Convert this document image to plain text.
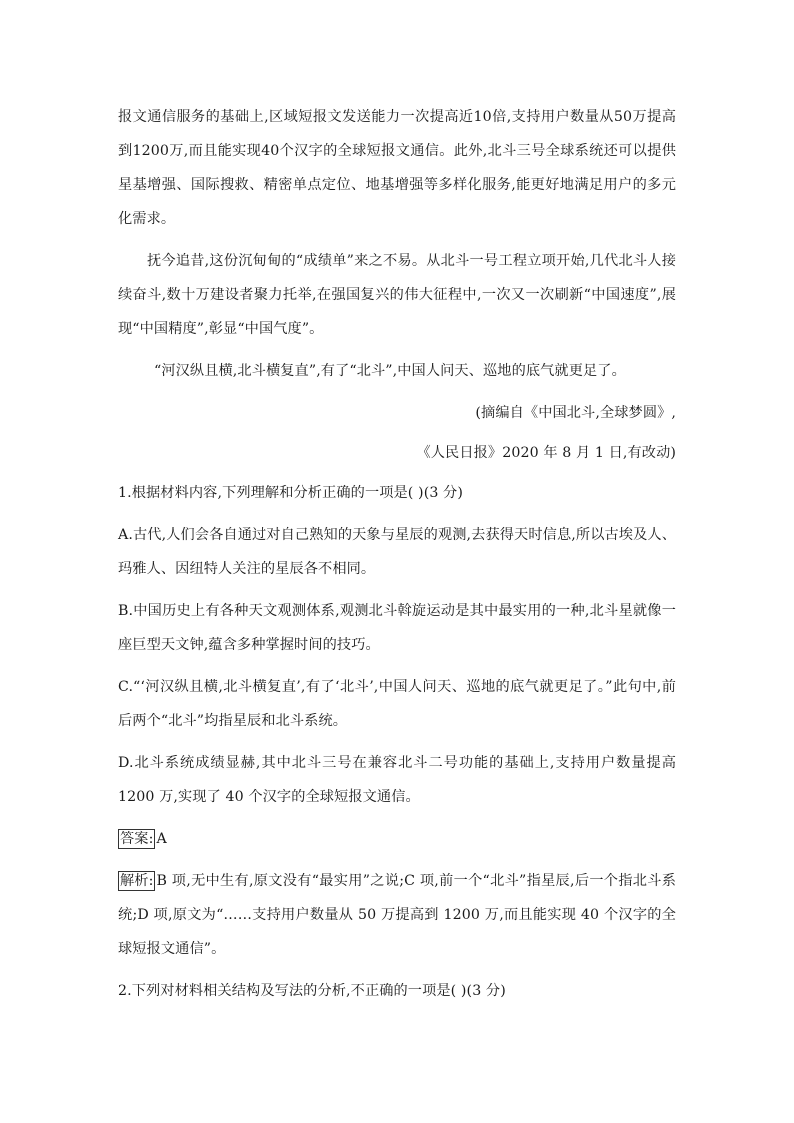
报文通信服务的基础上,区域短报文发送能力一次提高近10倍,支持用户数量从50万提高到1200万,而且能实现40个汉字的全球短报文通信。此外,北斗三号全球系统还可以提供星基增强、国际搜救、精密单点定位、地基增强等多样化服务,能更好地满足用户的多元化需求。

抚今追昔,这份沉甸甸的“成绩单”来之不易。从北斗一号工程立项开始,几代北斗人接续奋斗,数十万建设者聚力托举,在强国复兴的伟大征程中,一次又一次刷新“中国速度”,展现“中国精度”,彰显“中国气度”。

“河汉纵且横,北斗横复直”,有了“北斗”,中国人问天、巡地的底气就更足了。

(摘编自《中国北斗,全球梦圆》,

《人民日报》2020 年 8 月 1 日,有改动)

1.根据材料内容,下列理解和分析正确的一项是( )(3 分)

A.古代,人们会各自通过对自己熟知的天象与星辰的观测,去获得天时信息,所以古埃及人、玛雅人、因纽特人关注的星辰各不相同。

B.中国历史上有各种天文观测体系,观测北斗斡旋运动是其中最实用的一种,北斗星就像一座巨型天文钟,蕴含多种掌握时间的技巧。

C.“‘河汉纵且横,北斗横复直’,有了‘北斗’,中国人问天、巡地的底气就更足了。”此句中,前后两个“北斗”均指星辰和北斗系统。

D.北斗系统成绩显赫,其中北斗三号在兼容北斗二号功能的基础上,支持用户数量提高 1200 万,实现了 40 个汉字的全球短报文通信。

答案: A

解析: B 项,无中生有,原文没有“最实用”之说;C 项,前一个“北斗”指星辰,后一个指北斗系统;D 项,原文为“……支持用户数量从 50 万提高到 1200 万,而且能实现 40 个汉字的全球短报文通信”。

2.下列对材料相关结构及写法的分析,不正确的一项是( )(3 分)
